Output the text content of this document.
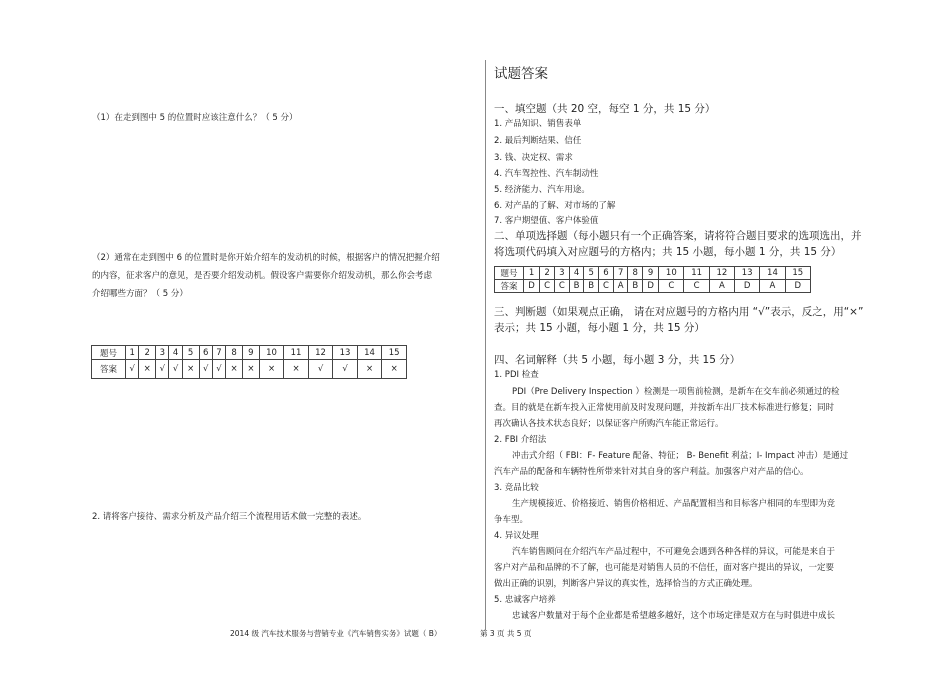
（1）在走到图中 5 的位置时应该注意什么？（ 5 分）
（2）通常在走到图中 6 的位置时是你开始介绍车的发动机的时候，根据客户的情况把握介绍
的内容，征求客户的意见，是否要介绍发动机。假设客户需要你介绍发动机，那么你会考虑
介绍哪些方面？（ 5 分）
题号	1	2	3	4	5	6	7	8	9	10	11	12	13	14	15
答案	√	×	√	√	×	√	√	×	×	×	×	√	√	×	×
2. 请将客户接待、需求分析及产品介绍三个流程用话术做一完整的表述。
试题答案
一、填空题（共 20 空，每空 1 分，共 15 分）
1. 产品知识、销售表单
2. 最后判断结果、信任
3. 钱、决定权、需求
4. 汽车驾控性、汽车制动性
5. 经济能力、汽车用途。
6. 对产品的了解、对市场的了解
7. 客户期望值、客户体验值
二、单项选择题（每小题只有一个正确答案，请将符合题目要求的选项选出，并
将选项代码填入对应题号的方格内；共 15 小题，每小题 1 分，共 15 分）
题号	1	2	3	4	5	6	7	8	9	10	11	12	13	14	15
答案	D	C	C	B	B	C	A	B	D	C	C	A	D	A	D
三、判断题（如果观点正确， 请在对应题号的方格内用 “√”表示，反之，用“×”
表示；共 15 小题，每小题 1 分，共 15 分）
四、名词解释（共 5 小题，每小题 3 分，共 15 分）
1. PDI 检查
PDI（Pre Delivery Inspection ）检测是一项售前检测，是新车在交车前必须通过的检
查。目的就是在新车投入正常使用前及时发现问题，并按新车出厂技术标准进行修复；同时
再次确认各技术状态良好；以保证客户所购汽车能正常运行。
2. FBI 介绍法
冲击式介绍（ FBI：F- Feature 配备、特征； B- Benefit 利益；I- Impact 冲击）是通过
汽车产品的配备和车辆特性所带来针对其自身的客户利益。加强客户对产品的信心。
3. 竞品比较
生产规模接近、价格接近、销售价格相近、产品配置相当和目标客户相同的车型即为竞
争车型。
4. 异议处理
汽车销售顾问在介绍汽车产品过程中，不可避免会遇到各种各样的异议，可能是来自于
客户对产品和品牌的不了解，也可能是对销售人员的不信任，面对客户提出的异议，一定要
做出正确的识别，判断客户异议的真实性，选择恰当的方式正确处理。
5. 忠诚客户培养
忠诚客户数量对于每个企业都是希望越多越好，这个市场定律是双方在与时俱进中成长
2014 级 汽车技术服务与营销专业《汽车销售实务》试题（ B）	第 3 页 共 5 页
